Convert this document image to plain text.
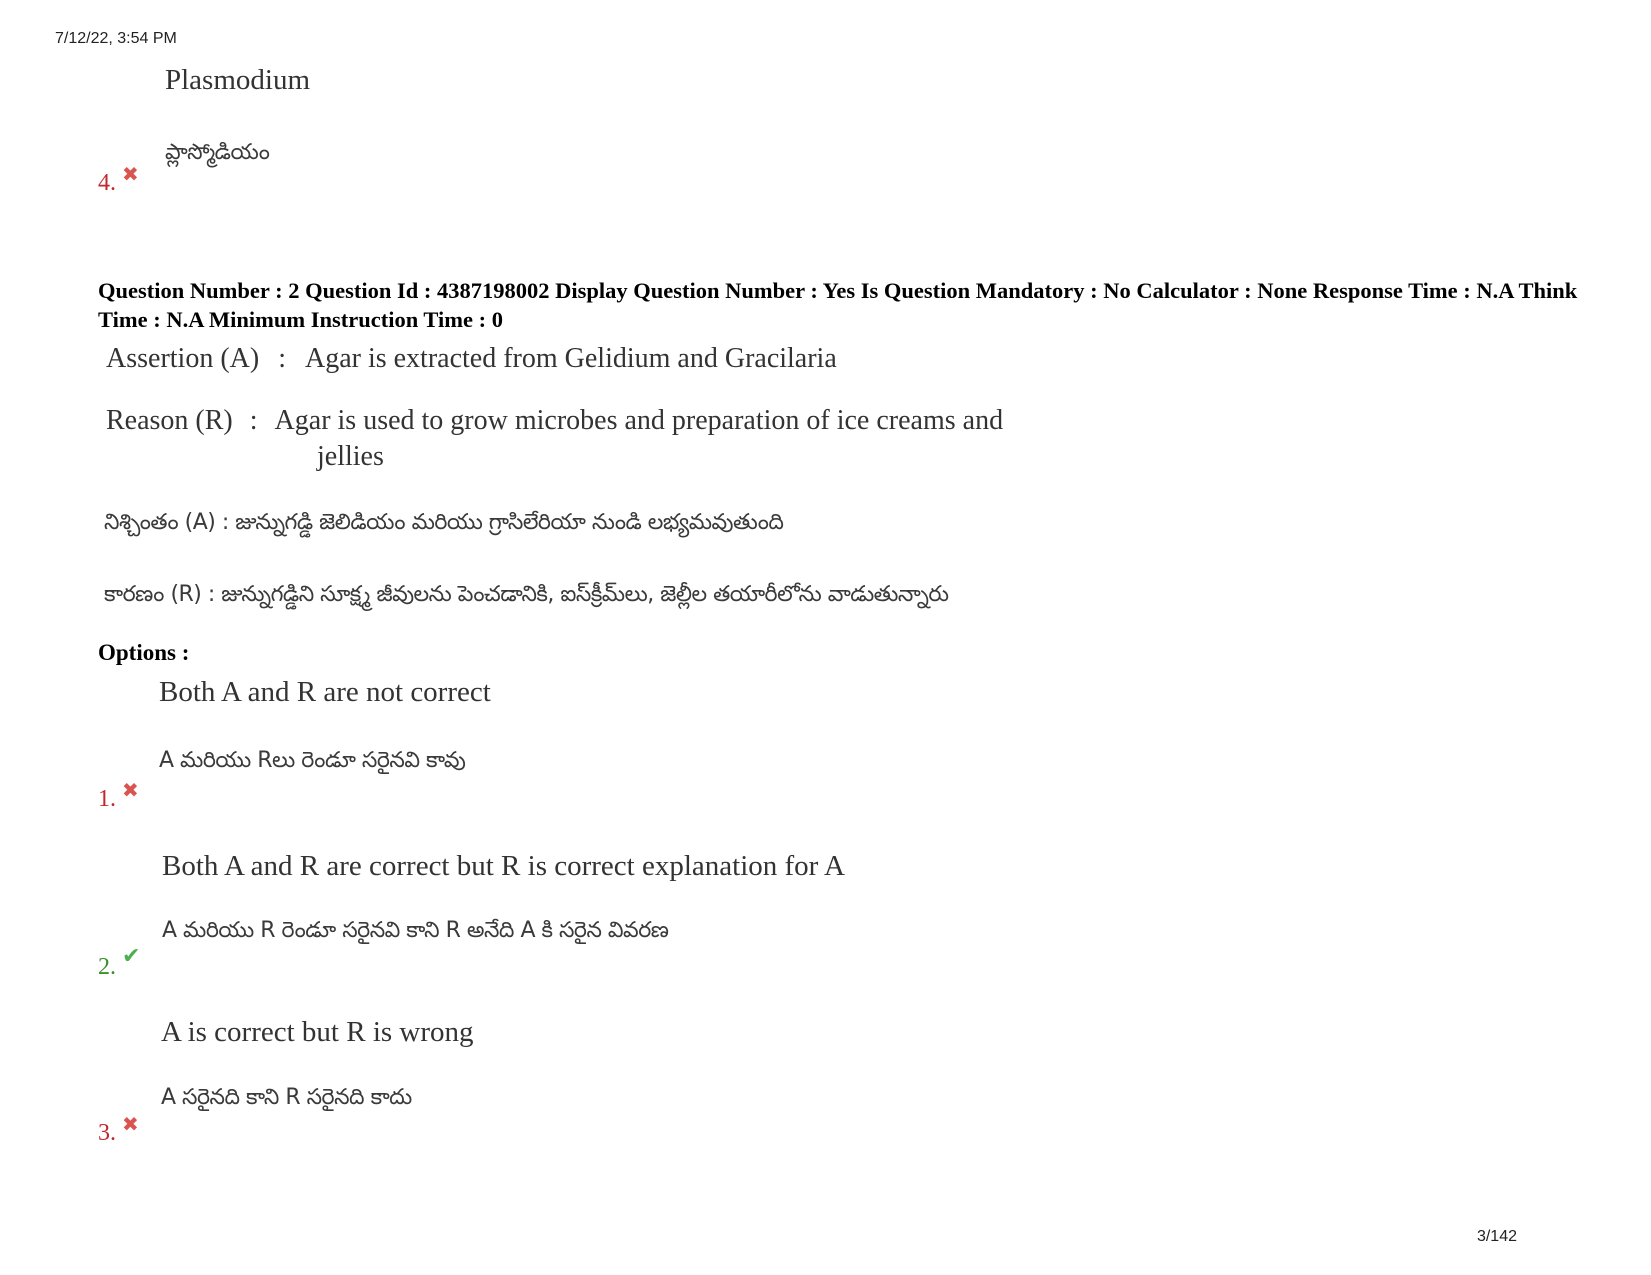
7/12/22, 3:54 PM
Plasmodium
ప్లాస్మోడియం
4. ✖
Question Number : 2 Question Id : 4387198002 Display Question Number : Yes Is Question Mandatory : No Calculator : None Response Time : N.A Think Time : N.A Minimum Instruction Time : 0
Assertion (A) : Agar is extracted from Gelidium and Gracilaria
Reason (R) : Agar is used to grow microbes and preparation of ice creams and
jellies
నిశ్చింతం (A) : జున్నుగడ్డి జెలిడియం మరియు గ్రాసిలేరియా నుండి లభ్యమవుతుంది
కారణం (R) : జున్నుగడ్డిని సూక్ష్మ జీవులను పెంచడానికి, ఐస్‌క్రీమ్‌లు, జెల్లీల తయారీలోను వాడుతున్నారు
Options :
Both A and R are not correct
A మరియు Rలు రెండూ సరైనవి కావు
1. ✖
Both A and R are correct but R is correct explanation for A
A మరియు R రెండూ సరైనవి కాని R అనేది A కి సరైన వివరణ
2. ✔
A is correct but R is wrong
A సరైనది కాని R సరైనది కాదు
3. ✖
3/142
